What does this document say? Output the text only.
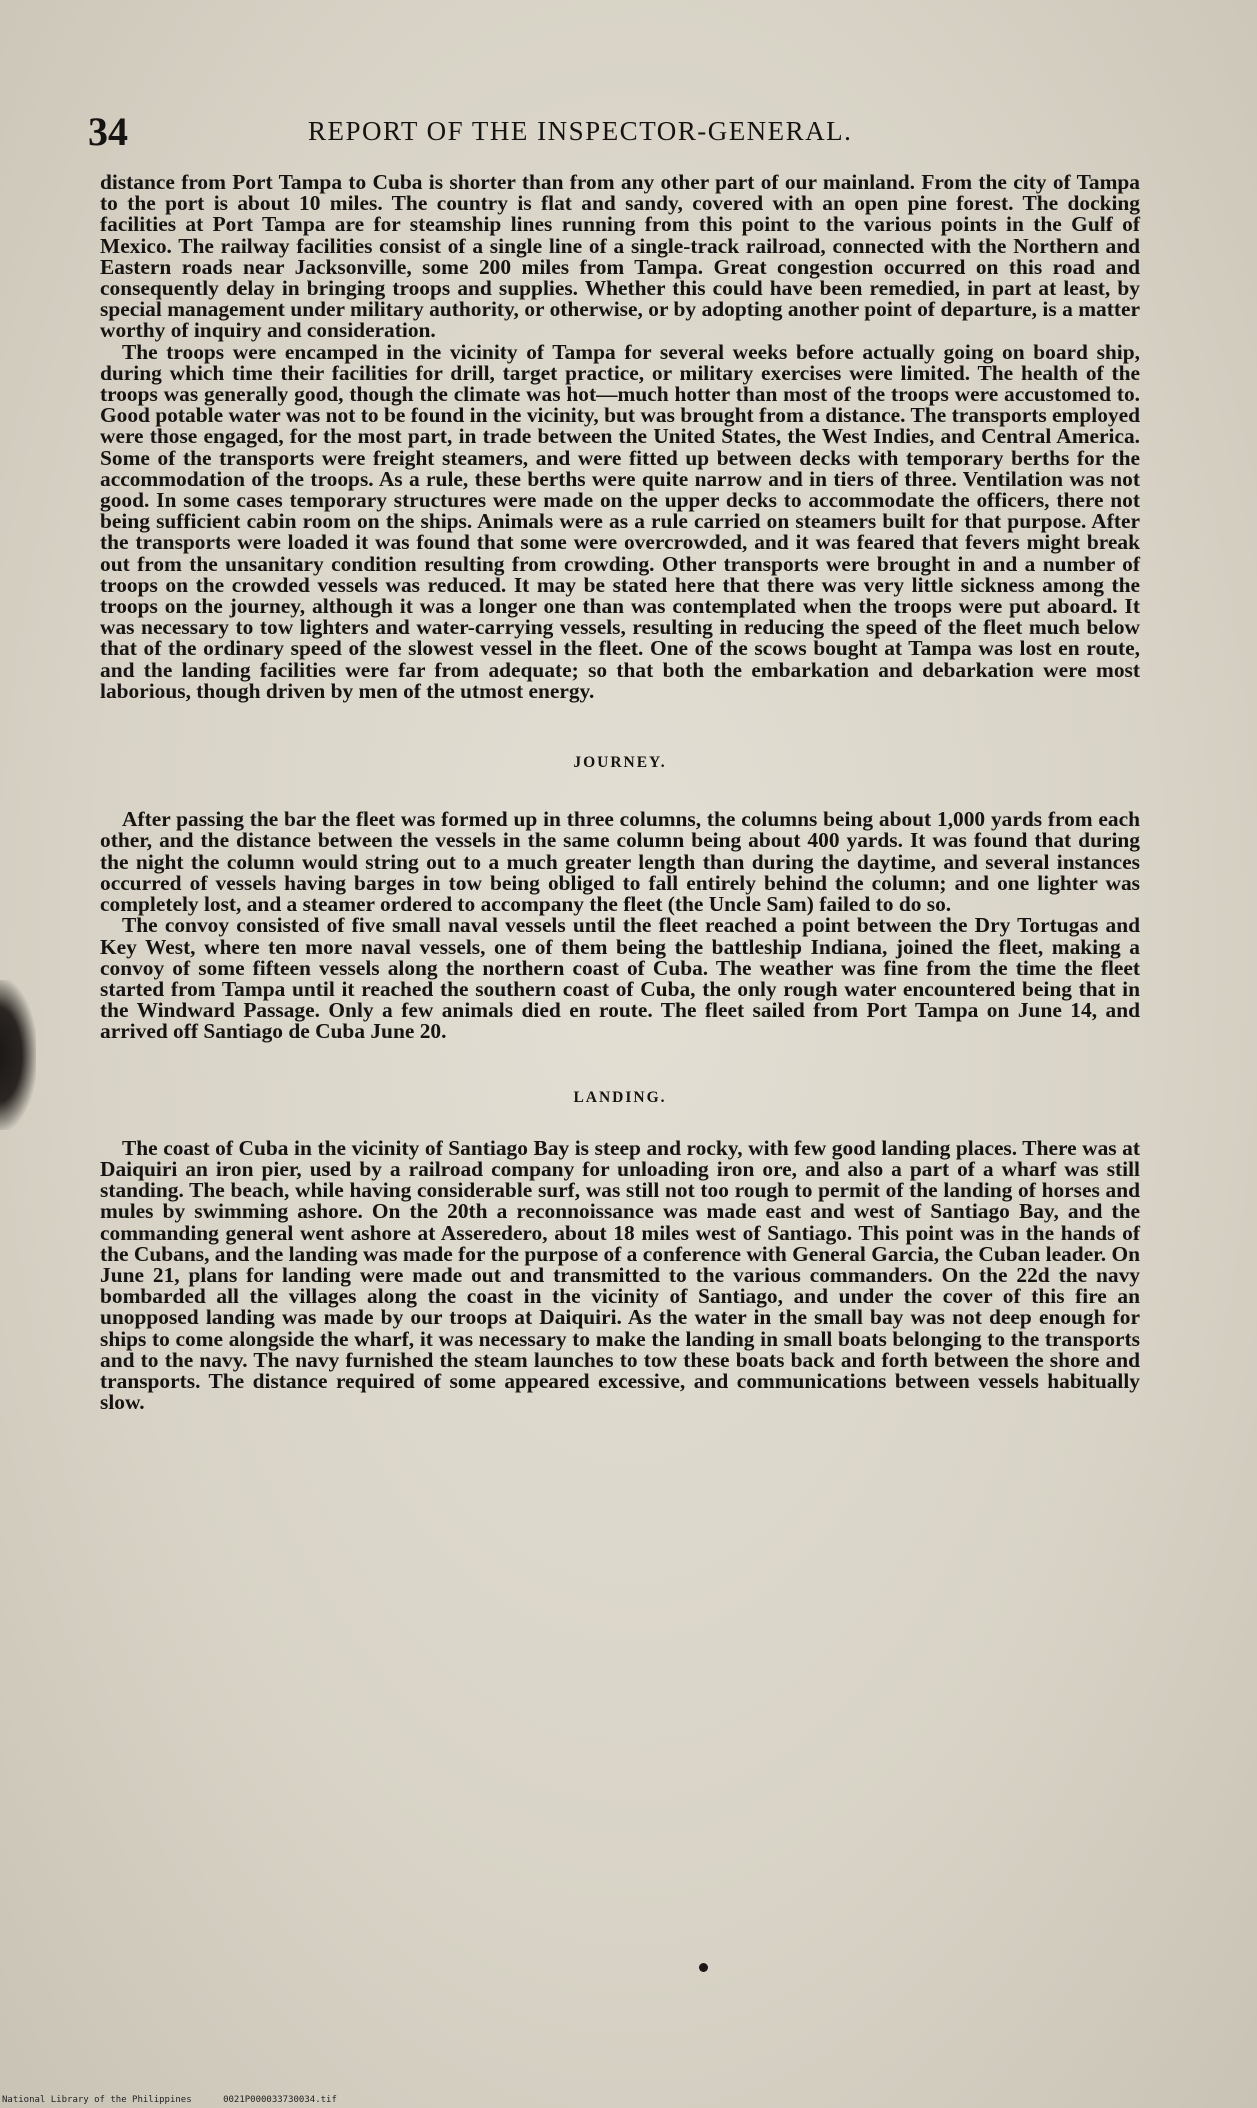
34	REPORT OF THE INSPECTOR-GENERAL.

distance from Port Tampa to Cuba is shorter than from any other part of our mainland. From the city of Tampa to the port is about 10 miles. The country is flat and sandy, covered with an open pine forest. The docking facilities at Port Tampa are for steamship lines running from this point to the various points in the Gulf of Mexico. The railway facilities consist of a single line of a single-track railroad, connected with the Northern and Eastern roads near Jacksonville, some 200 miles from Tampa. Great congestion occurred on this road and consequently delay in bringing troops and supplies. Whether this could have been remedied, in part at least, by special management under military authority, or otherwise, or by adopting another point of departure, is a matter worthy of inquiry and consideration.

The troops were encamped in the vicinity of Tampa for several weeks before actually going on board ship, during which time their facilities for drill, target practice, or military exercises were limited. The health of the troops was generally good, though the climate was hot—much hotter than most of the troops were accustomed to. Good potable water was not to be found in the vicinity, but was brought from a distance. The transports employed were those engaged, for the most part, in trade between the United States, the West Indies, and Central America. Some of the transports were freight steamers, and were fitted up between decks with temporary berths for the accommodation of the troops. As a rule, these berths were quite narrow and in tiers of three. Ventilation was not good. In some cases temporary structures were made on the upper decks to accommodate the officers, there not being sufficient cabin room on the ships. Animals were as a rule carried on steamers built for that purpose. After the transports were loaded it was found that some were overcrowded, and it was feared that fevers might break out from the unsanitary condition resulting from crowding. Other transports were brought in and a number of troops on the crowded vessels was reduced. It may be stated here that there was very little sickness among the troops on the journey, although it was a longer one than was contemplated when the troops were put aboard. It was necessary to tow lighters and water-carrying vessels, resulting in reducing the speed of the fleet much below that of the ordinary speed of the slowest vessel in the fleet. One of the scows bought at Tampa was lost en route, and the landing facilities were far from adequate; so that both the embarkation and debarkation were most laborious, though driven by men of the utmost energy.

JOURNEY.

After passing the bar the fleet was formed up in three columns, the columns being about 1,000 yards from each other, and the distance between the vessels in the same column being about 400 yards. It was found that during the night the column would string out to a much greater length than during the daytime, and several instances occurred of vessels having barges in tow being obliged to fall entirely behind the column; and one lighter was completely lost, and a steamer ordered to accompany the fleet (the Uncle Sam) failed to do so.

The convoy consisted of five small naval vessels until the fleet reached a point between the Dry Tortugas and Key West, where ten more naval vessels, one of them being the battleship Indiana, joined the fleet, making a convoy of some fifteen vessels along the northern coast of Cuba. The weather was fine from the time the fleet started from Tampa until it reached the southern coast of Cuba, the only rough water encountered being that in the Windward Passage. Only a few animals died en route. The fleet sailed from Port Tampa on June 14, and arrived off Santiago de Cuba June 20.

LANDING.

The coast of Cuba in the vicinity of Santiago Bay is steep and rocky, with few good landing places. There was at Daiquiri an iron pier, used by a railroad company for unloading iron ore, and also a part of a wharf was still standing. The beach, while having considerable surf, was still not too rough to permit of the landing of horses and mules by swimming ashore. On the 20th a reconnoissance was made east and west of Santiago Bay, and the commanding general went ashore at Asseredero, about 18 miles west of Santiago. This point was in the hands of the Cubans, and the landing was made for the purpose of a conference with General Garcia, the Cuban leader. On June 21, plans for landing were made out and transmitted to the various commanders. On the 22d the navy bombarded all the villages along the coast in the vicinity of Santiago, and under the cover of this fire an unopposed landing was made by our troops at Daiquiri. As the water in the small bay was not deep enough for ships to come alongside the wharf, it was necessary to make the landing in small boats belonging to the transports and to the navy. The navy furnished the steam launches to tow these boats back and forth between the shore and transports. The distance required of some appeared excessive, and communications between vessels habitually slow.

National Library of the Philippines	0021P000033730034.tif
